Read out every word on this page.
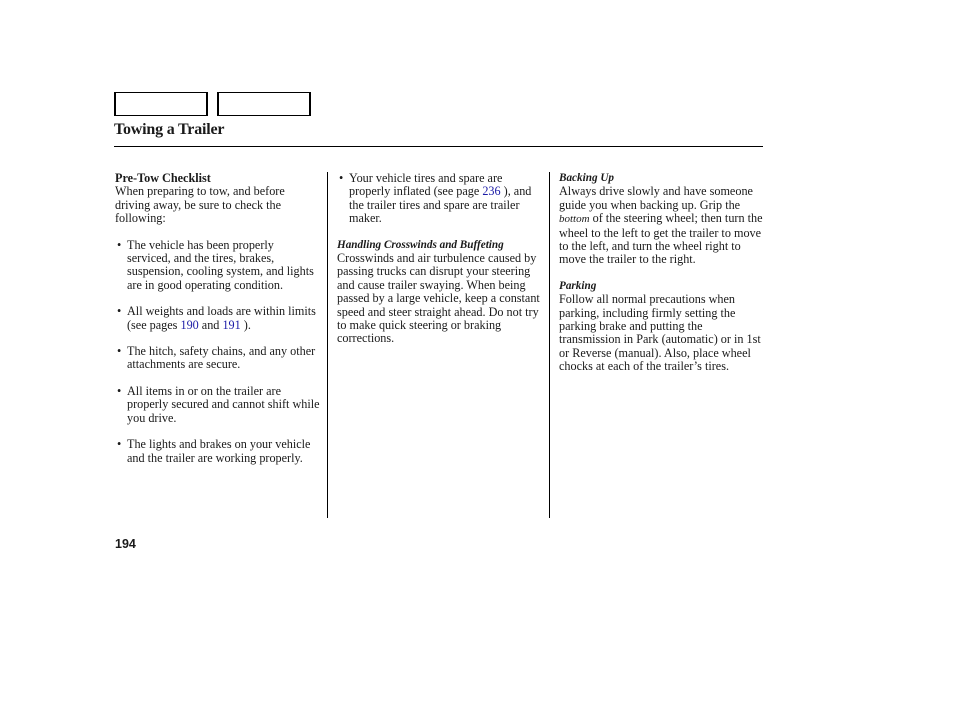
Towing a Trailer

Pre-Tow Checklist

When preparing to tow, and before driving away, be sure to check the following:

• The vehicle has been properly serviced, and the tires, brakes, suspension, cooling system, and lights are in good operating condition.
• All weights and loads are within limits (see pages 190 and 191 ).
• The hitch, safety chains, and any other attachments are secure.
• All items in or on the trailer are properly secured and cannot shift while you drive.
• The lights and brakes on your vehicle and the trailer are working properly.
• Your vehicle tires and spare are properly inflated (see page 236 ), and the trailer tires and spare are trailer maker.

Handling Crosswinds and Buffeting

Crosswinds and air turbulence caused by passing trucks can disrupt your steering and cause trailer swaying. When being passed by a large vehicle, keep a constant speed and steer straight ahead. Do not try to make quick steering or braking corrections.

Backing Up

Always drive slowly and have someone guide you when backing up. Grip the bottom of the steering wheel; then turn the wheel to the left to get the trailer to move to the left, and turn the wheel right to move the trailer to the right.

Parking

Follow all normal precautions when parking, including firmly setting the parking brake and putting the transmission in Park (automatic) or in 1st or Reverse (manual). Also, place wheel chocks at each of the trailer’s tires.

194
